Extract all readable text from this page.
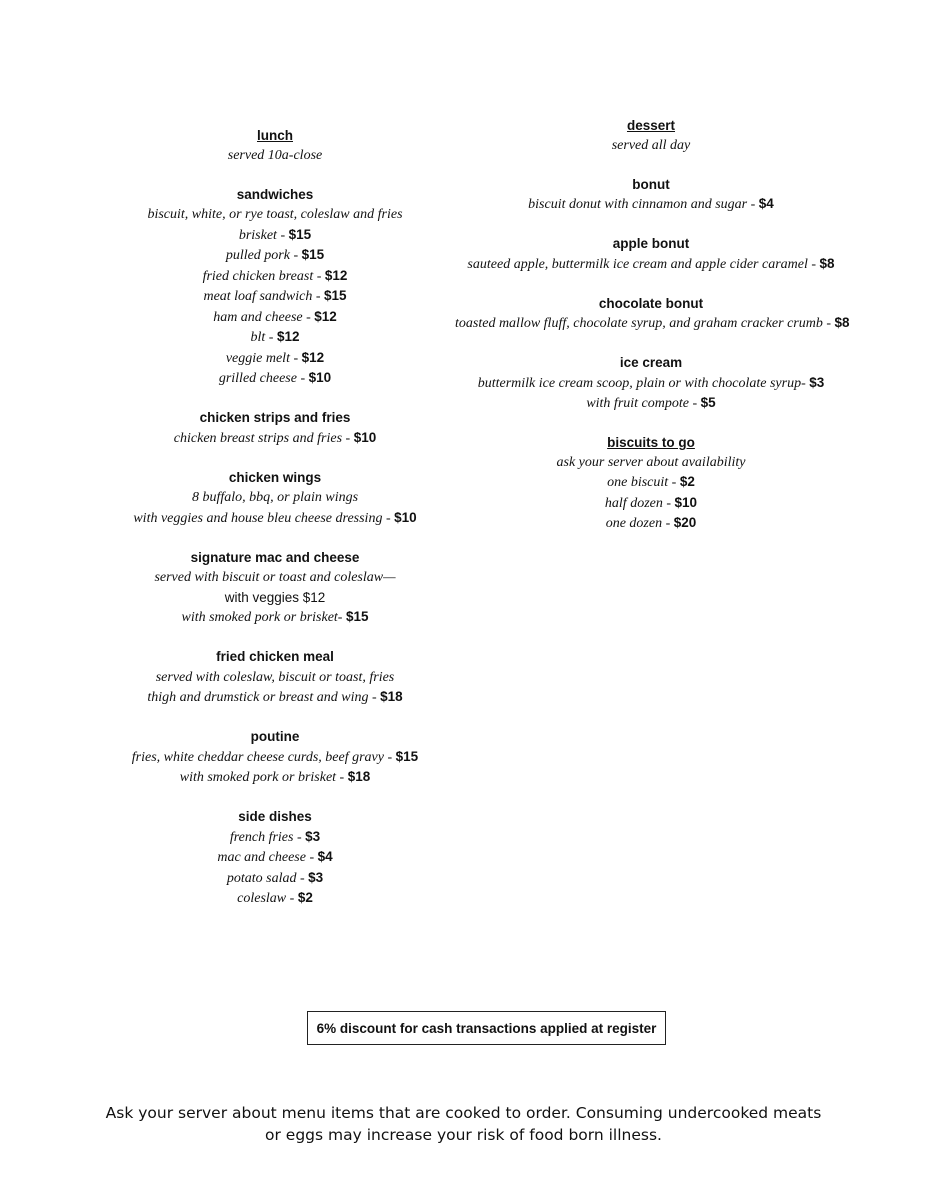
lunch
served 10a-close
sandwiches
biscuit, white, or rye toast, coleslaw and fries
brisket - $15
pulled pork - $15
fried chicken breast - $12
meat loaf sandwich - $15
ham and cheese - $12
blt - $12
veggie melt - $12
grilled cheese - $10
chicken strips and fries
chicken breast strips and fries - $10
chicken wings
8 buffalo, bbq, or plain wings
with veggies and house bleu cheese dressing - $10
signature mac and cheese
served with biscuit or toast and coleslaw—
with veggies $12
with smoked pork or brisket- $15
fried chicken meal
served with coleslaw, biscuit or toast, fries
thigh and drumstick or breast and wing - $18
poutine
fries, white cheddar cheese curds, beef gravy - $15
with smoked pork or brisket - $18
side dishes
french fries - $3
mac and cheese - $4
potato salad - $3
coleslaw - $2
dessert
served all day
bonut
biscuit donut with cinnamon and sugar - $4
apple bonut
sauteed apple, buttermilk ice cream and apple cider caramel - $8
chocolate bonut
toasted mallow fluff, chocolate syrup, and graham cracker crumb - $8
ice cream
buttermilk ice cream scoop, plain or with chocolate syrup- $3
with fruit compote - $5
biscuits to go
ask your server about availability
one biscuit - $2
half dozen - $10
one dozen - $20
6% discount for cash transactions applied at register
Ask your server about menu items that are cooked to order. Consuming undercooked meats or eggs may increase your risk of food born illness.
